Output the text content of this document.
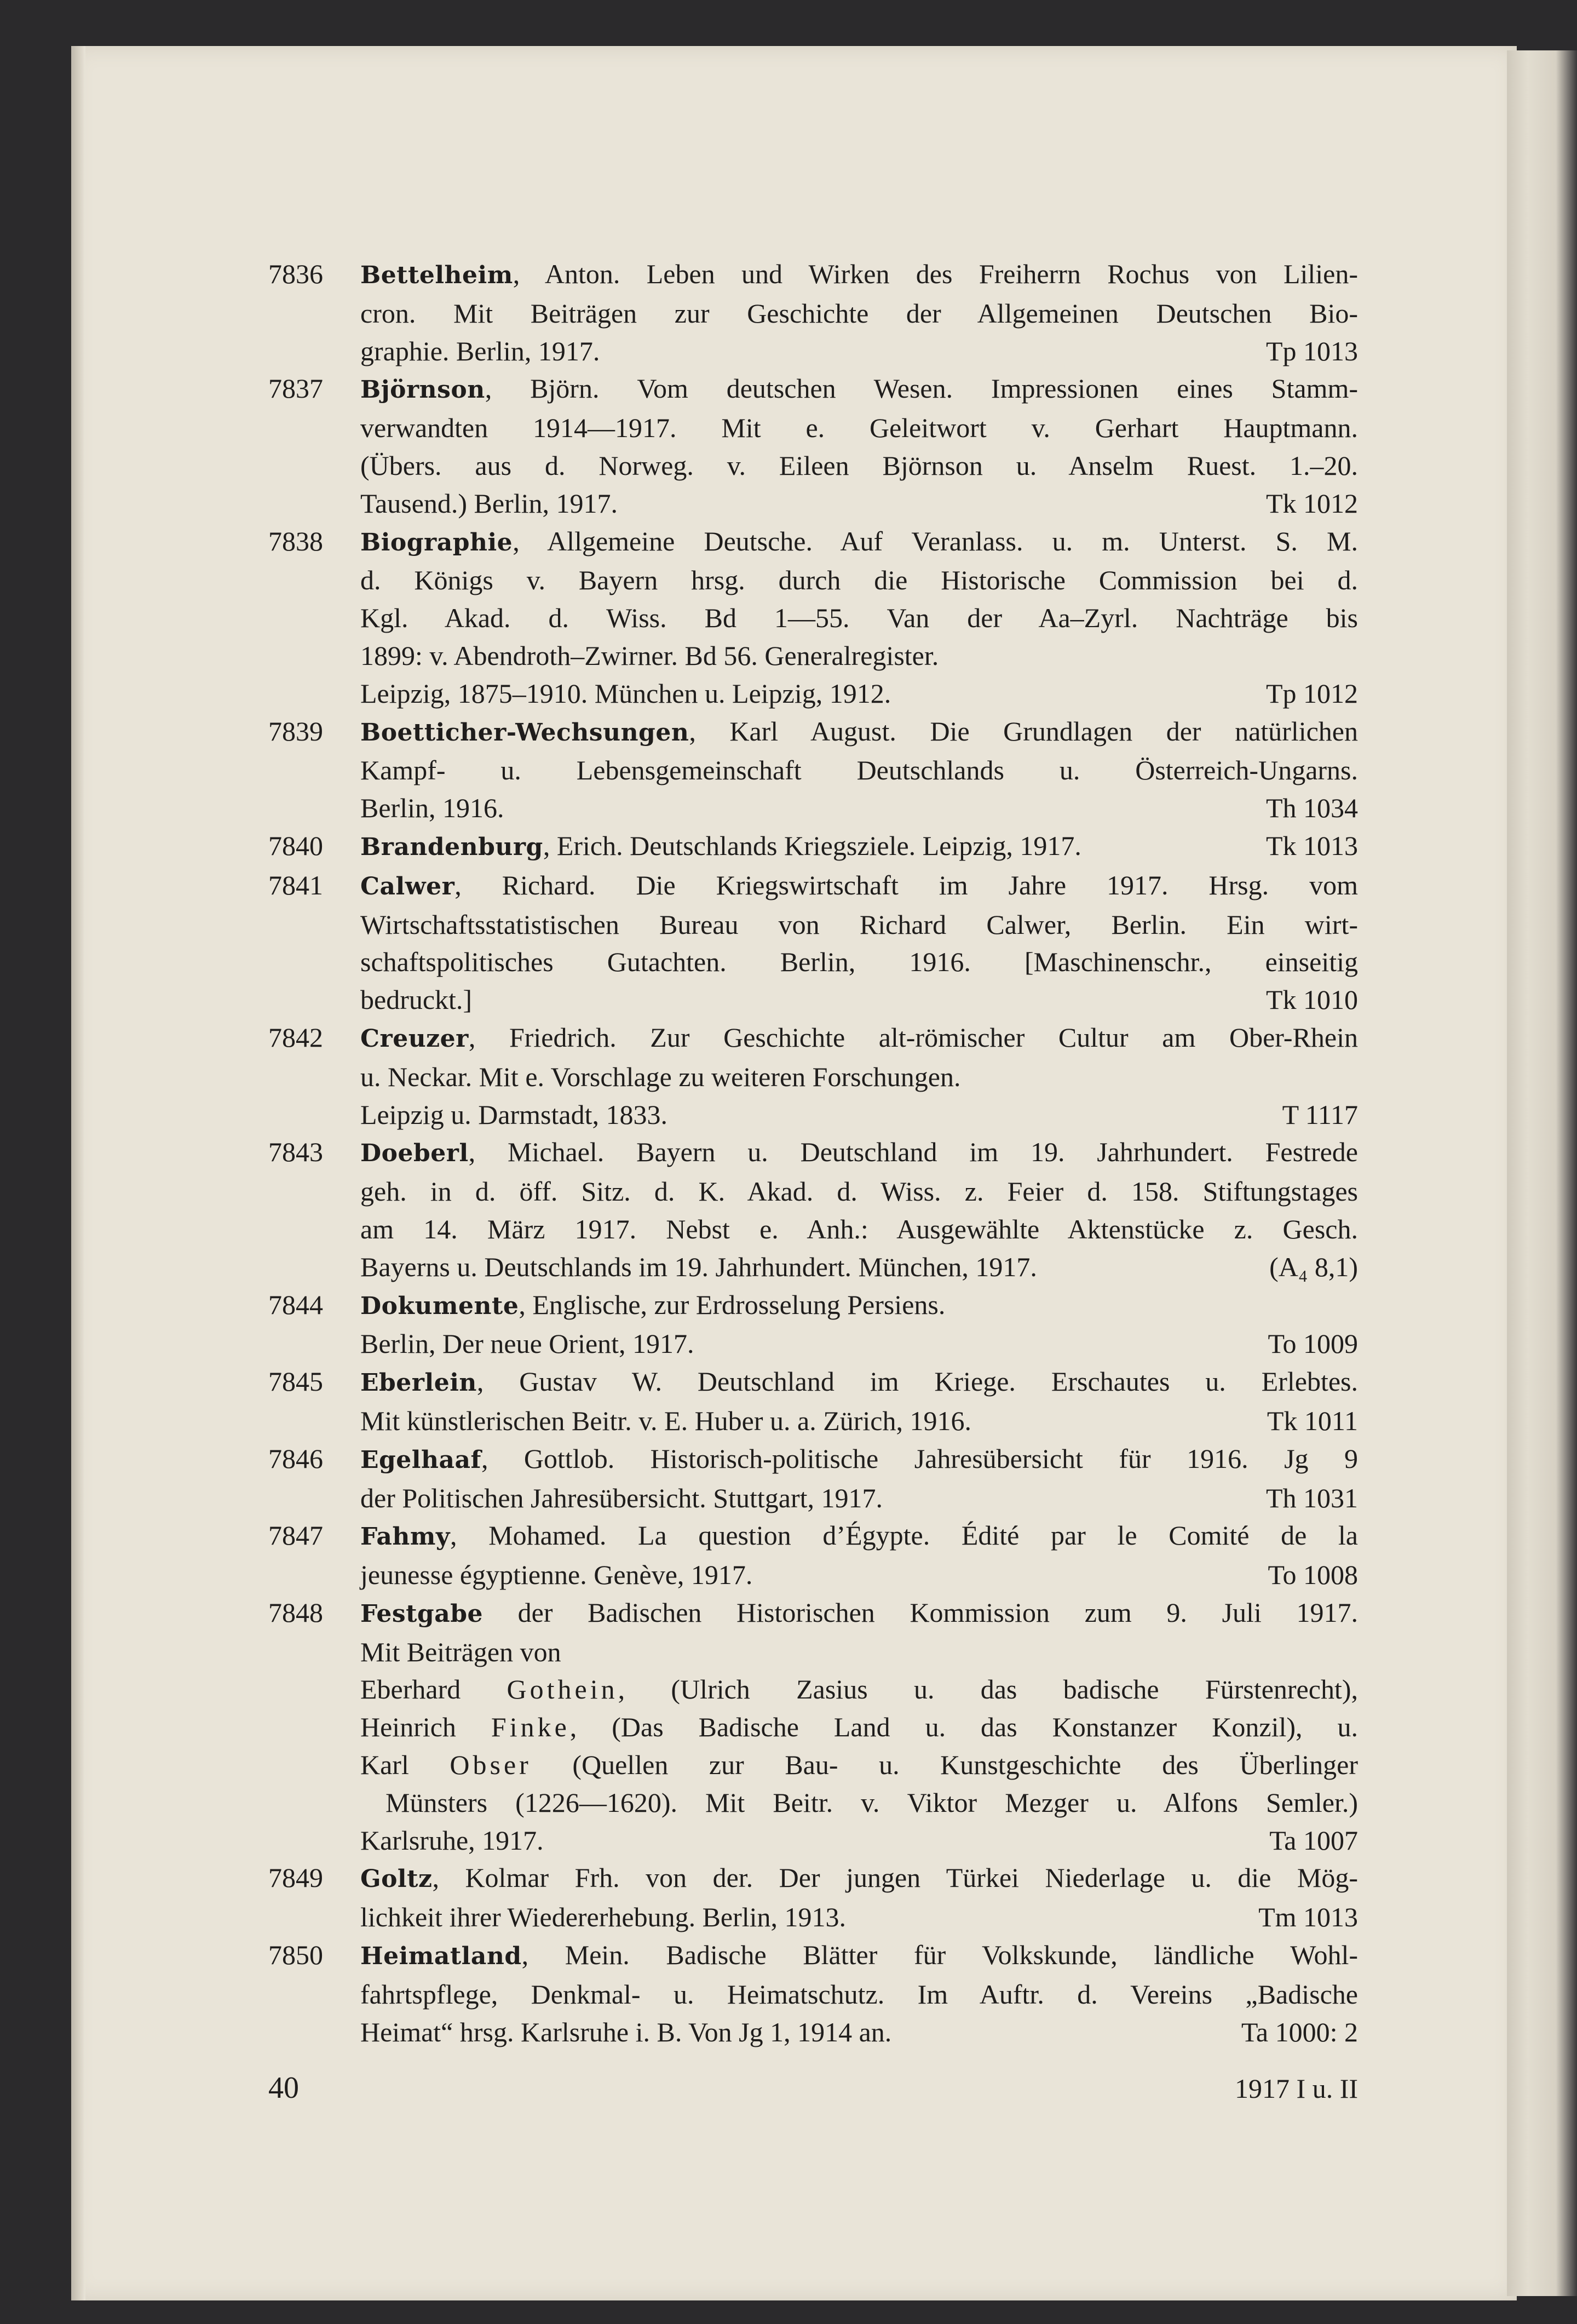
7836 Bettelheim, Anton. Leben und Wirken des Freiherrn Rochus von Lilien-
cron. Mit Beiträgen zur Geschichte der Allgemeinen Deutschen Bio-
graphie. Berlin, 1917.	Tp 1013
7837 Björnson, Björn. Vom deutschen Wesen. Impressionen eines Stamm-
verwandten 1914—1917. Mit e. Geleitwort v. Gerhart Hauptmann.
(Übers. aus d. Norweg. v. Eileen Björnson u. Anselm Ruest. 1.–20.
Tausend.) Berlin, 1917.	Tk 1012
7838 Biographie, Allgemeine Deutsche. Auf Veranlass. u. m. Unterst. S. M.
d. Königs v. Bayern hrsg. durch die Historische Commission bei d.
Kgl. Akad. d. Wiss. Bd 1—55. Van der Aa–Zyrl. Nachträge bis
1899: v. Abendroth–Zwirner. Bd 56. Generalregister.
Leipzig, 1875–1910. München u. Leipzig, 1912.	Tp 1012
7839 Boetticher-Wechsungen, Karl August. Die Grundlagen der natürlichen
Kampf- u. Lebensgemeinschaft Deutschlands u. Österreich-Ungarns.
Berlin, 1916.	Th 1034
7840 Brandenburg, Erich. Deutschlands Kriegsziele. Leipzig, 1917.	Tk 1013
7841 Calwer, Richard. Die Kriegswirtschaft im Jahre 1917. Hrsg. vom
Wirtschaftsstatistischen Bureau von Richard Calwer, Berlin. Ein wirt-
schaftspolitisches Gutachten. Berlin, 1916. [Maschinenschr., einseitig
bedruckt.]	Tk 1010
7842 Creuzer, Friedrich. Zur Geschichte alt-römischer Cultur am Ober-Rhein
u. Neckar. Mit e. Vorschlage zu weiteren Forschungen.
Leipzig u. Darmstadt, 1833.	T 1117
7843 Doeberl, Michael. Bayern u. Deutschland im 19. Jahrhundert. Festrede
geh. in d. öff. Sitz. d. K. Akad. d. Wiss. z. Feier d. 158. Stiftungstages
am 14. März 1917. Nebst e. Anh.: Ausgewählte Aktenstücke z. Gesch.
Bayerns u. Deutschlands im 19. Jahrhundert. München, 1917.	(A₄ 8,1)
7844 Dokumente, Englische, zur Erdrosselung Persiens.
Berlin, Der neue Orient, 1917.	To 1009
7845 Eberlein, Gustav W. Deutschland im Kriege. Erschautes u. Erlebtes.
Mit künstlerischen Beitr. v. E. Huber u. a. Zürich, 1916.	Tk 1011
7846 Egelhaaf, Gottlob. Historisch-politische Jahresübersicht für 1916. Jg 9
der Politischen Jahresübersicht. Stuttgart, 1917.	Th 1031
7847 Fahmy, Mohamed. La question d’Égypte. Édité par le Comité de la
jeunesse égyptienne. Genève, 1917.	To 1008
7848 Festgabe der Badischen Historischen Kommission zum 9. Juli 1917.
Mit Beiträgen von
Eberhard Gothein, (Ulrich Zasius u. das badische Fürstenrecht),
Heinrich Finke, (Das Badische Land u. das Konstanzer Konzil), u.
Karl Obser (Quellen zur Bau- u. Kunstgeschichte des Überlinger
Münsters (1226—1620). Mit Beitr. v. Viktor Mezger u. Alfons Semler.)
Karlsruhe, 1917.	Ta 1007
7849 Goltz, Kolmar Frh. von der. Der jungen Türkei Niederlage u. die Mög-
lichkeit ihrer Wiedererhebung. Berlin, 1913.	Tm 1013
7850 Heimatland, Mein. Badische Blätter für Volkskunde, ländliche Wohl-
fahrtspflege, Denkmal- u. Heimatschutz. Im Auftr. d. Vereins „Badische
Heimat“ hrsg. Karlsruhe i. B. Von Jg 1, 1914 an.	Ta 1000: 2
40	1917 I u. II
